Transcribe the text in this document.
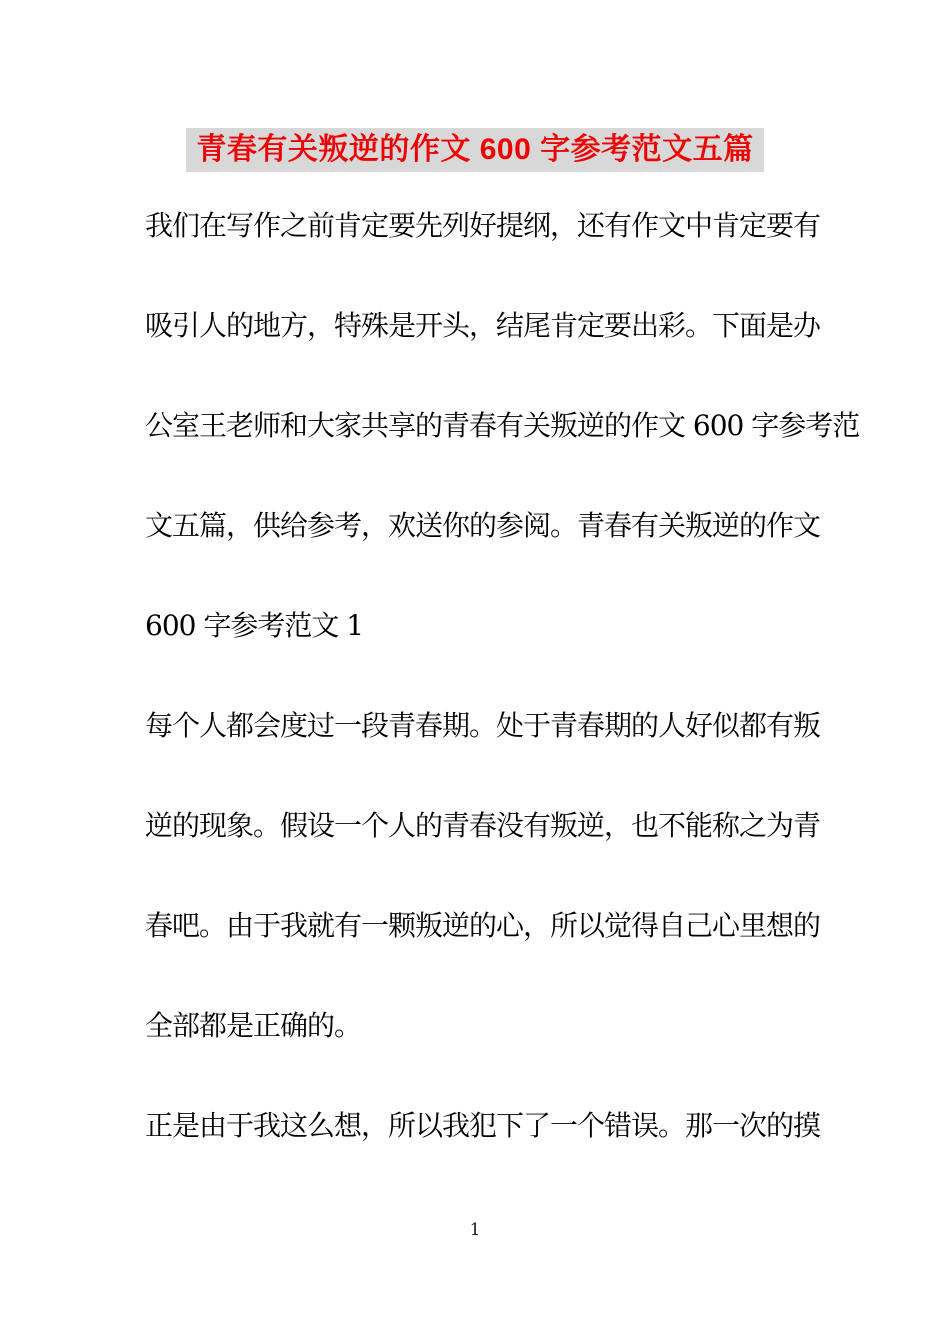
青春有关叛逆的作文 600 字参考范文五篇
我们在写作之前肯定要先列好提纲，还有作文中肯定要有
吸引人的地方，特殊是开头，结尾肯定要出彩。下面是办
公室王老师和大家共享的青春有关叛逆的作文 600 字参考范
文五篇，供给参考，欢送你的参阅。青春有关叛逆的作文
600 字参考范文 1
每个人都会度过一段青春期。处于青春期的人好似都有叛
逆的现象。假设一个人的青春没有叛逆，也不能称之为青
春吧。由于我就有一颗叛逆的心，所以觉得自己心里想的
全部都是正确的。
正是由于我这么想，所以我犯下了一个错误。那一次的摸
1
